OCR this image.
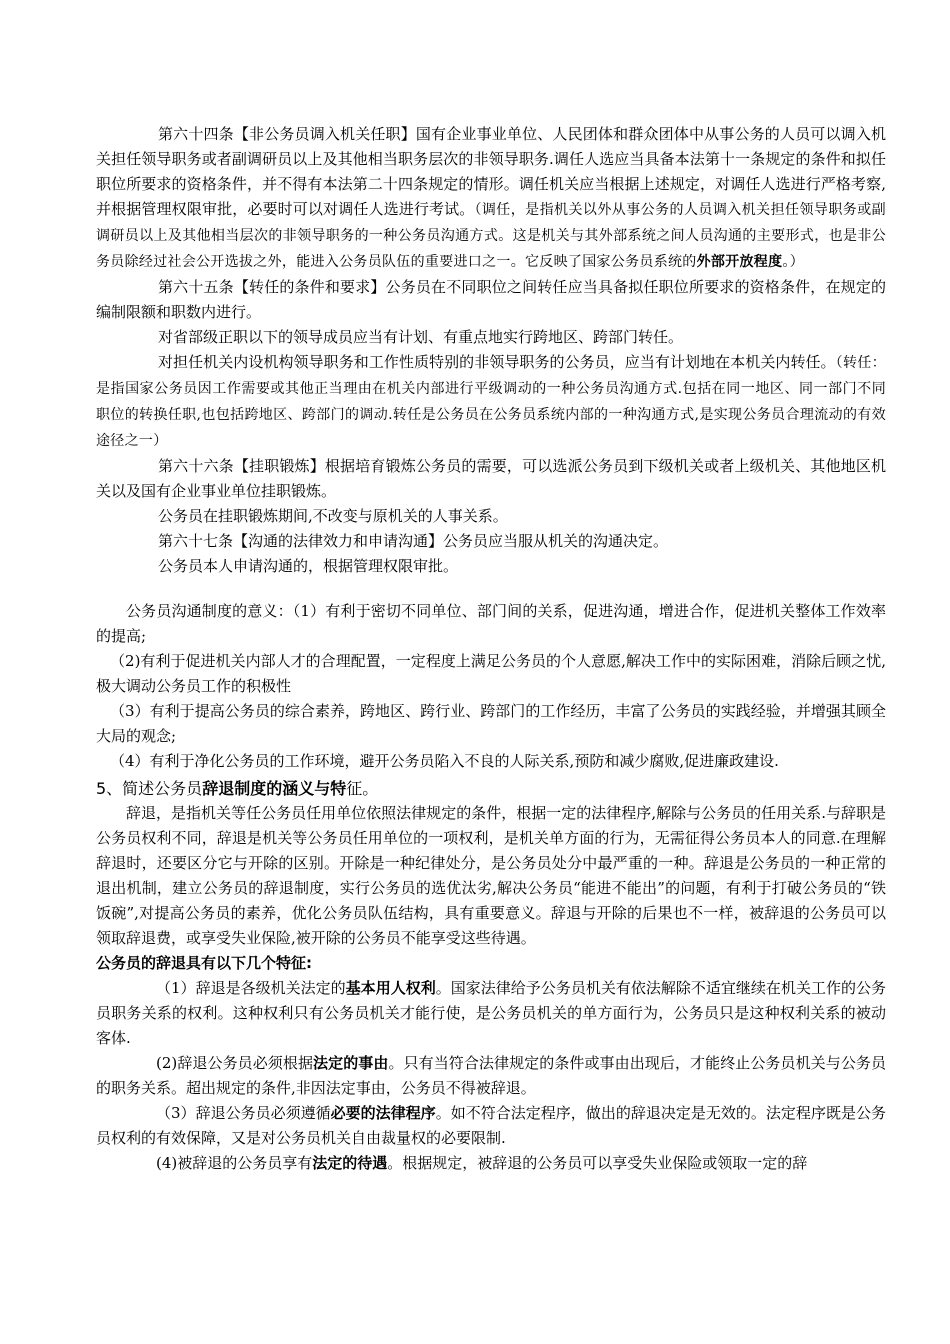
第六十四条【非公务员调入机关任职】国有企业事业单位、人民团体和群众团体中从事公务的人员可以调入机关担任领导职务或者副调研员以上及其他相当职务层次的非领导职务.调任人选应当具备本法第十一条规定的条件和拟任职位所要求的资格条件，并不得有本法第二十四条规定的情形。调任机关应当根据上述规定，对调任人选进行严格考察,并根据管理权限审批，必要时可以对调任人选进行考试。（调任，是指机关以外从事公务的人员调入机关担任领导职务或副调研员以上及其他相当层次的非领导职务的一种公务员沟通方式。这是机关与其外部系统之间人员沟通的主要形式，也是非公务员除经过社会公开选拔之外，能进入公务员队伍的重要进口之一。它反映了国家公务员系统的外部开放程度。）

第六十五条【转任的条件和要求】公务员在不同职位之间转任应当具备拟任职位所要求的资格条件，在规定的编制限额和职数内进行。

对省部级正职以下的领导成员应当有计划、有重点地实行跨地区、跨部门转任。

对担任机关内设机构领导职务和工作性质特别的非领导职务的公务员，应当有计划地在本机关内转任。（转任：是指国家公务员因工作需要或其他正当理由在机关内部进行平级调动的一种公务员沟通方式.包括在同一地区、同一部门不同职位的转换任职,也包括跨地区、跨部门的调动.转任是公务员在公务员系统内部的一种沟通方式,是实现公务员合理流动的有效途径之一）

第六十六条【挂职锻炼】根据培育锻炼公务员的需要，可以选派公务员到下级机关或者上级机关、其他地区机关以及国有企业事业单位挂职锻炼。

公务员在挂职锻炼期间,不改变与原机关的人事关系。

第六十七条【沟通的法律效力和申请沟通】公务员应当服从机关的沟通决定。

公务员本人申请沟通的，根据管理权限审批。

公务员沟通制度的意义：（1）有利于密切不同单位、部门间的关系，促进沟通，增进合作，促进机关整体工作效率的提高;

（2)有利于促进机关内部人才的合理配置，一定程度上满足公务员的个人意愿,解决工作中的实际困难，消除后顾之忧,极大调动公务员工作的积极性

（3）有利于提高公务员的综合素养，跨地区、跨行业、跨部门的工作经历，丰富了公务员的实践经验，并增强其顾全大局的观念;

（4）有利于净化公务员的工作环境，避开公务员陷入不良的人际关系,预防和减少腐败,促进廉政建设.

5、简述公务员辞退制度的涵义与特征。

辞退，是指机关等任公务员任用单位依照法律规定的条件，根据一定的法律程序,解除与公务员的任用关系.与辞职是公务员权利不同，辞退是机关等公务员任用单位的一项权利，是机关单方面的行为，无需征得公务员本人的同意.在理解辞退时，还要区分它与开除的区别。开除是一种纪律处分，是公务员处分中最严重的一种。辞退是公务员的一种正常的退出机制，建立公务员的辞退制度，实行公务员的选优汰劣,解决公务员“能进不能出”的问题，有利于打破公务员的“铁饭碗”,对提高公务员的素养，优化公务员队伍结构，具有重要意义。辞退与开除的后果也不一样，被辞退的公务员可以领取辞退费，或享受失业保险,被开除的公务员不能享受这些待遇。

公务员的辞退具有以下几个特征:

（1）辞退是各级机关法定的基本用人权利。国家法律给予公务员机关有依法解除不适宜继续在机关工作的公务员职务关系的权利。这种权利只有公务员机关才能行使，是公务员机关的单方面行为，公务员只是这种权利关系的被动客体.

(2)辞退公务员必须根据法定的事由。只有当符合法律规定的条件或事由出现后，才能终止公务员机关与公务员的职务关系。超出规定的条件,非因法定事由，公务员不得被辞退。

（3）辞退公务员必须遵循必要的法律程序。如不符合法定程序，做出的辞退决定是无效的。法定程序既是公务员权利的有效保障，又是对公务员机关自由裁量权的必要限制.

(4)被辞退的公务员享有法定的待遇。根据规定，被辞退的公务员可以享受失业保险或领取一定的辞
